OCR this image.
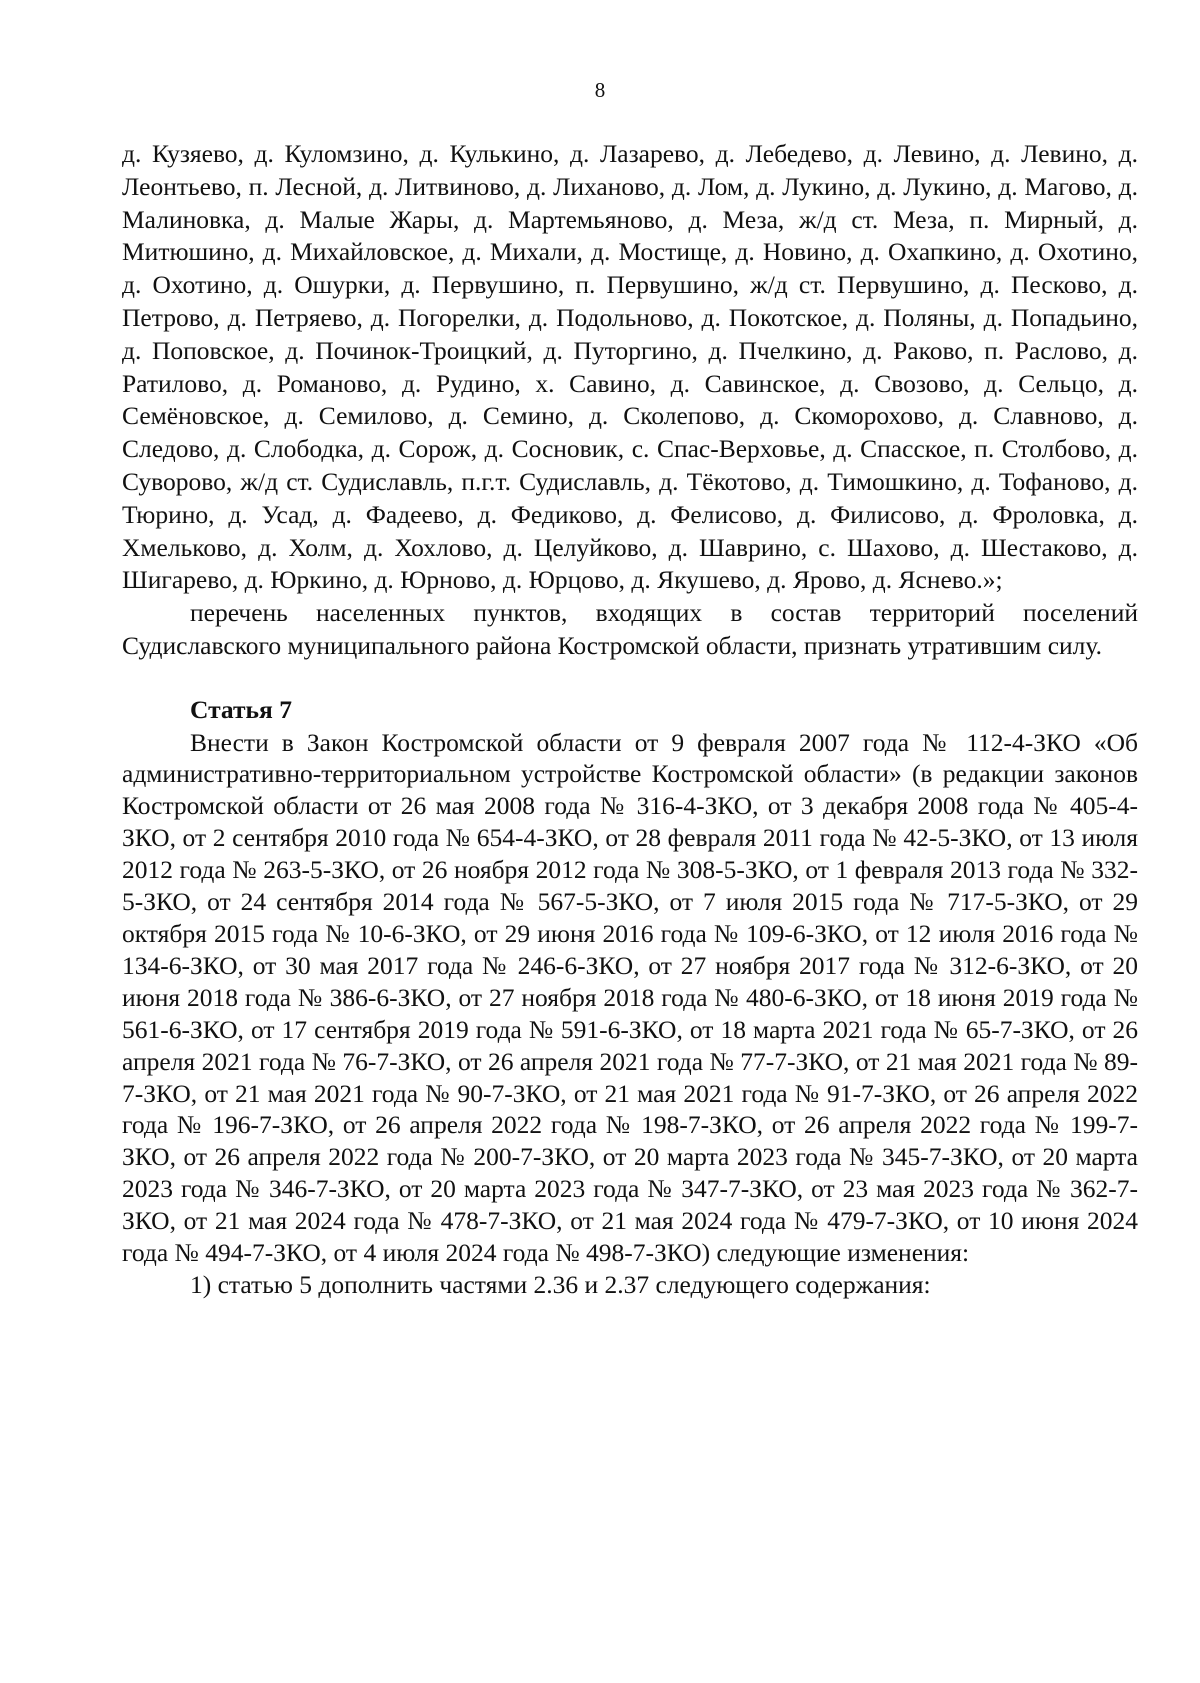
8

д. Кузяево, д. Куломзино, д. Кулькино, д. Лазарево, д. Лебедево, д. Левино, д. Левино, д. Леонтьево, п. Лесной, д. Литвиново, д. Лиханово, д. Лом, д. Лукино, д. Лукино, д. Магово, д. Малиновка, д. Малые Жары, д. Мартемьяново, д. Меза, ж/д ст. Меза, п. Мирный, д. Митюшино, д. Михайловское, д. Михали, д. Мостище, д. Новино, д. Охапкино, д. Охотино, д. Охотино, д. Ошурки, д. Первушино, п. Первушино, ж/д ст. Первушино, д. Песково, д. Петрово, д. Петряево, д. Погорелки, д. Подольново, д. Покотское, д. Поляны, д. Попадьино, д. Поповское, д. Починок-Троицкий, д. Путоргино, д. Пчелкино, д. Раково, п. Раслово, д. Ратилово, д. Романово, д. Рудино, х. Савино, д. Савинское, д. Свозово, д. Сельцо, д. Семёновское, д. Семилово, д. Семино, д. Сколепово, д. Скоморохово, д. Славново, д. Следово, д. Слободка, д. Сорож, д. Сосновик, с. Спас-Верховье, д. Спасское, п. Столбово, д. Суворово, ж/д ст. Судиславль, п.г.т. Судиславль, д. Тёкотово, д. Тимошкино, д. Тофаново, д. Тюрино, д. Усад, д. Фадеево, д. Федиково, д. Фелисово, д. Филисово, д. Фроловка, д. Хмельково, д. Холм, д. Хохлово, д. Целуйково, д. Шаврино, с. Шахово, д. Шестаково, д. Шигарево, д. Юркино, д. Юрново, д. Юрцово, д. Якушево, д. Ярово, д. Яснево.»;

перечень населенных пунктов, входящих в состав территорий поселений Судиславского муниципального района Костромской области, признать утратившим силу.

Статья 7

Внести в Закон Костромской области от 9 февраля 2007 года № 112-4-ЗКО «Об административно-территориальном устройстве Костромской области» (в редакции законов Костромской области от 26 мая 2008 года № 316-4-ЗКО, от 3 декабря 2008 года № 405-4-ЗКО, от 2 сентября 2010 года № 654-4-ЗКО, от 28 февраля 2011 года № 42-5-ЗКО, от 13 июля 2012 года № 263-5-ЗКО, от 26 ноября 2012 года № 308-5-ЗКО, от 1 февраля 2013 года № 332-5-ЗКО, от 24 сентября 2014 года № 567-5-ЗКО, от 7 июля 2015 года № 717-5-ЗКО, от 29 октября 2015 года № 10-6-ЗКО, от 29 июня 2016 года № 109-6-ЗКО, от 12 июля 2016 года № 134-6-ЗКО, от 30 мая 2017 года № 246-6-ЗКО, от 27 ноября 2017 года № 312-6-ЗКО, от 20 июня 2018 года № 386-6-ЗКО, от 27 ноября 2018 года № 480-6-ЗКО, от 18 июня 2019 года № 561-6-ЗКО, от 17 сентября 2019 года № 591-6-ЗКО, от 18 марта 2021 года № 65-7-ЗКО, от 26 апреля 2021 года № 76-7-ЗКО, от 26 апреля 2021 года № 77-7-ЗКО, от 21 мая 2021 года № 89-7-ЗКО, от 21 мая 2021 года № 90-7-ЗКО, от 21 мая 2021 года № 91-7-ЗКО, от 26 апреля 2022 года № 196-7-ЗКО, от 26 апреля 2022 года № 198-7-ЗКО, от 26 апреля 2022 года № 199-7-ЗКО, от 26 апреля 2022 года № 200-7-ЗКО, от 20 марта 2023 года № 345-7-ЗКО, от 20 марта 2023 года № 346-7-ЗКО, от 20 марта 2023 года № 347-7-ЗКО, от 23 мая 2023 года № 362-7-ЗКО, от 21 мая 2024 года № 478-7-ЗКО, от 21 мая 2024 года № 479-7-ЗКО, от 10 июня 2024 года № 494-7-ЗКО, от 4 июля 2024 года № 498-7-ЗКО) следующие изменения:

1) статью 5 дополнить частями 2.36 и 2.37 следующего содержания:
